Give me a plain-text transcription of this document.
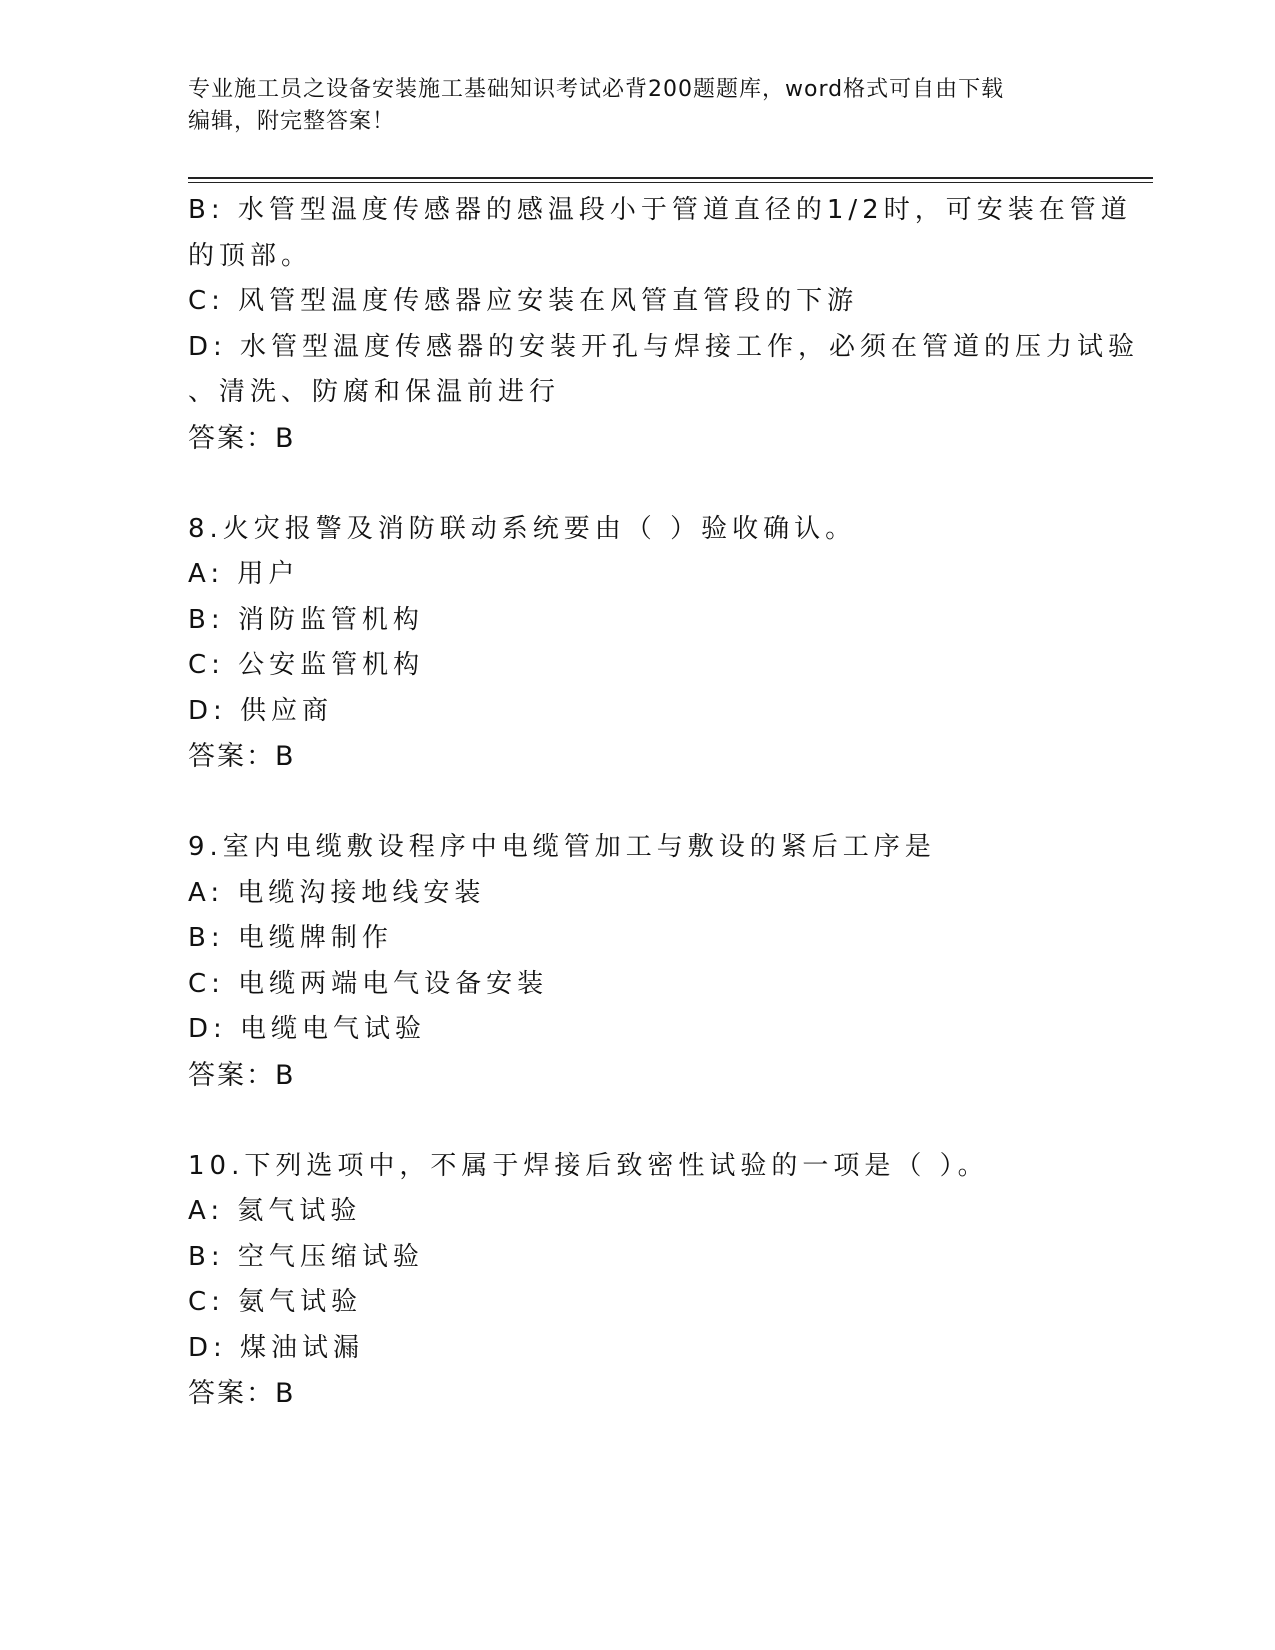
专业施工员之设备安装施工基础知识考试必背200题题库，word格式可自由下载
编辑，附完整答案！
B: 水管型温度传感器的感温段小于管道直径的1/2时，可安装在管道
的顶部。
C: 风管型温度传感器应安装在风管直管段的下游
D: 水管型温度传感器的安装开孔与焊接工作，必须在管道的压力试验
、清洗、防腐和保温前进行
答案：B
8.火灾报警及消防联动系统要由（ ）验收确认。
A: 用户
B: 消防监管机构
C: 公安监管机构
D: 供应商
答案：B
9.室内电缆敷设程序中电缆管加工与敷设的紧后工序是
A: 电缆沟接地线安装
B: 电缆牌制作
C: 电缆两端电气设备安装
D: 电缆电气试验
答案：B
10.下列选项中，不属于焊接后致密性试验的一项是（ ）。
A: 氦气试验
B: 空气压缩试验
C: 氨气试验
D: 煤油试漏
答案：B
